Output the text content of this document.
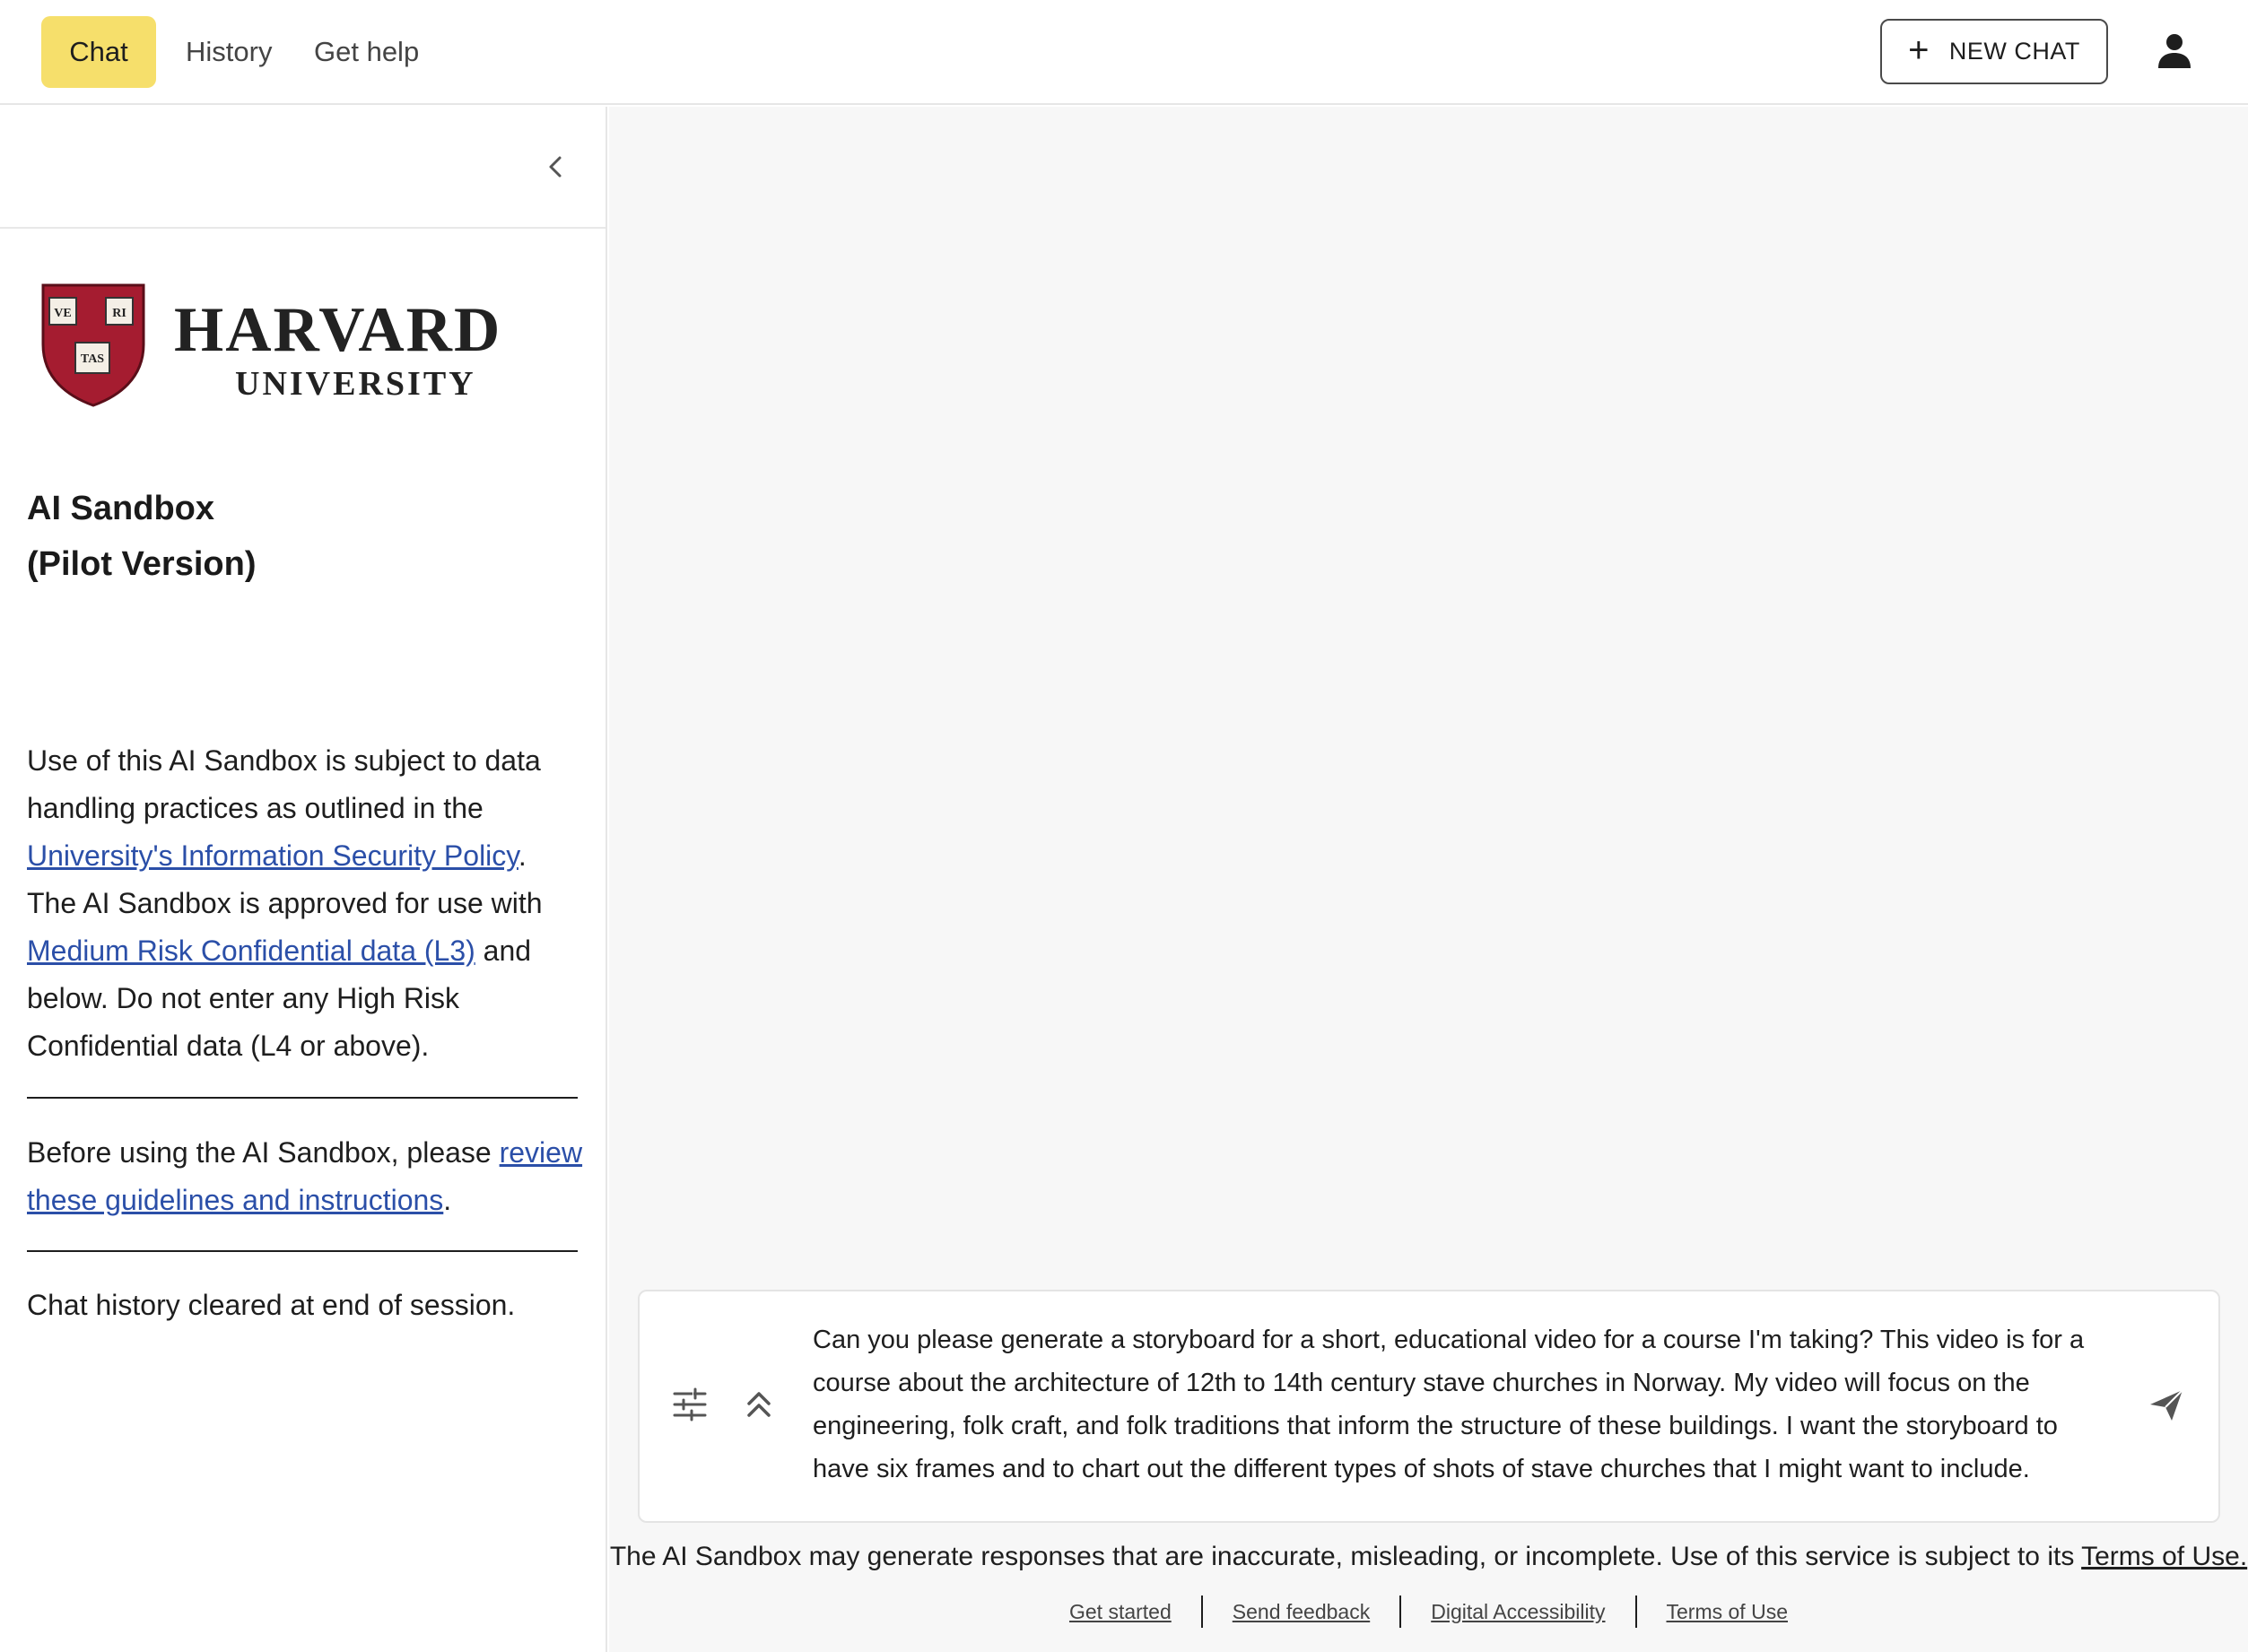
Chat	History Get help	+ NEW CHAT
VE	RI
TAS HARVARD
UNIVERSITY
AI Sandbox
(Pilot Version)

Use of this AI Sandbox is subject to data handling practices as outlined in the University's Information Security Policy. The AI Sandbox is approved for use with Medium Risk Confidential data (L3) and below. Do not enter any High Risk Confidential data (L4 or above).

Before using the AI Sandbox, please review these guidelines and instructions.

Chat history cleared at end of session.

Can you please generate a storyboard for a short, educational video for a course I'm taking? This video is for a course about the architecture of 12th to 14th century stave churches in Norway. My video will focus on the engineering, folk craft, and folk traditions that inform the structure of these buildings. I want the storyboard to have six frames and to chart out the different types of shots of stave churches that I might want to include.

The AI Sandbox may generate responses that are inaccurate, misleading, or incomplete. Use of this service is subject to its Terms of Use.

Get started	Send feedback	Digital Accessibility	Terms of Use
